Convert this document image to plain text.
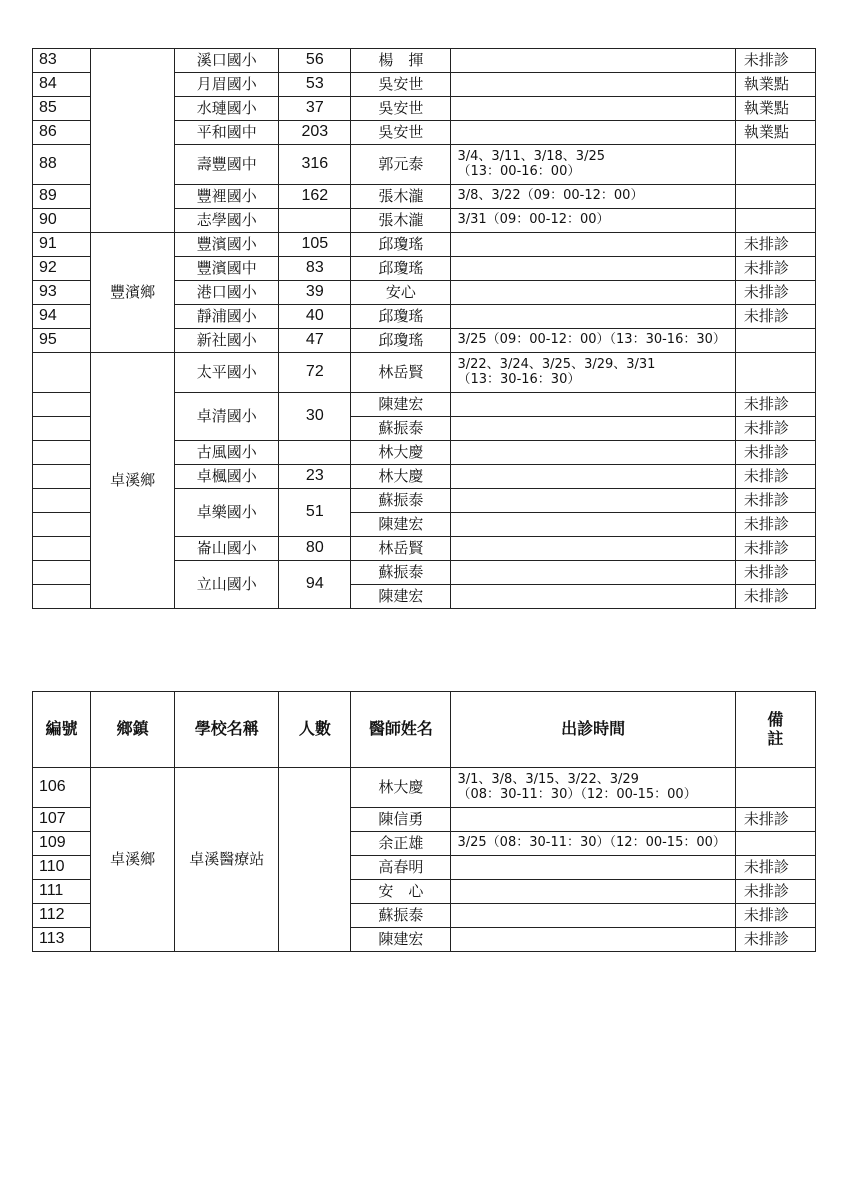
83		溪口國小	56	楊　揮		未排診
84		月眉國小	53	吳安世		執業點
85		水璉國小	37	吳安世		執業點
86		平和國中	203	吳安世		執業點
88		壽豐國中	316	郭元泰	3/4、3/11、3/18、3/25
（13：00-16：00）	
89		豐裡國小	162	張木瀧	3/8、3/22（09：00-12：00）	
90		志學國小		張木瀧	3/31（09：00-12：00）	
91	豐濱鄉	豐濱國小	105	邱瓊瑤		未排診
92		豐濱國中	83	邱瓊瑤		未排診
93		港口國小	39	安心		未排診
94		靜浦國小	40	邱瓊瑤		未排診
95		新社國小	47	邱瓊瑤	3/25（09：00-12：00）（13：30-16：30）	
	卓溪鄉	太平國小	72	林岳賢	3/22、3/24、3/25、3/29、3/31
（13：30-16：30）	
		卓清國小	30	陳建宏		未排診
				蘇振泰		未排診
		古風國小		林大慶		未排診
		卓楓國小	23	林大慶		未排診
		卓樂國小	51	蘇振泰		未排診
				陳建宏		未排診
		崙山國小	80	林岳賢		未排診
		立山國小	94	蘇振泰		未排診
				陳建宏		未排診
編號	鄉鎮	學校名稱	人數	醫師姓名	出診時間	備
註
106	卓溪鄉	卓溪醫療站		林大慶	3/1、3/8、3/15、3/22、3/29
（08：30-11：30）（12：00-15：00）	
107				陳信勇		未排診
109				余正雄	3/25（08：30-11：30）（12：00-15：00）	
110				高春明		未排診
111				安　心		未排診
112				蘇振泰		未排診
113				陳建宏		未排診
